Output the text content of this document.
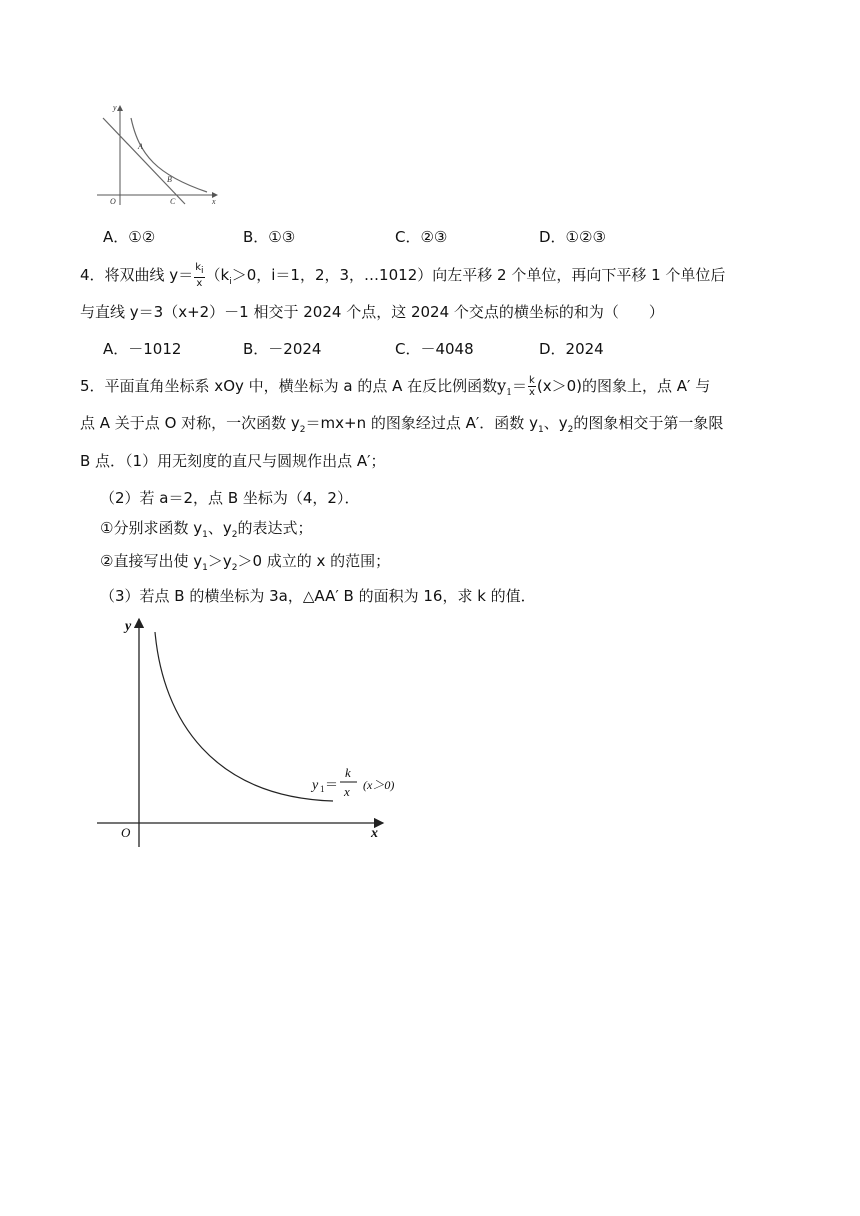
y
A
B
O	C	x
A．①②	B．①③	C．②③	D．①②③
4．将双曲线 $y= \frac{k_i}{x} (k_i>0$，i＝1，2，3，…1012）向左平移 2 个单位，再向下平移 1 个单位后
与直线 y＝3（x+2）－1 相交于 2024 个点，这 2024 个交点的横坐标的和为（　　）
A．－1012	B．－2024	C．－4048	D．2024
5．平面直角坐标系 xOy 中，横坐标为 a 的点 A 在反比例函数$y_1= \frac{k}{x} (x>0)$的图象上，点 A′ 与
点 A 关于点 O 对称，一次函数 $y_2=mx+n$ 的图象经过点 A′．函数 $y_1$、$y_2$的图象相交于第一象限
B 点．（1）用无刻度的直尺与圆规作出点 A′；
（2）若 a＝2，点 B 坐标为（4，2）．
①分别求函数 $y_1$、$y_2$的表达式；
②直接写出使 $y_1>y_2>0$ 成立的 x 的范围；
（3）若点 B 的横坐标为 3a，△AA′ B 的面积为 16，求 k 的值．
y
x
O
y 1 ＝
k
x (x＞0)
